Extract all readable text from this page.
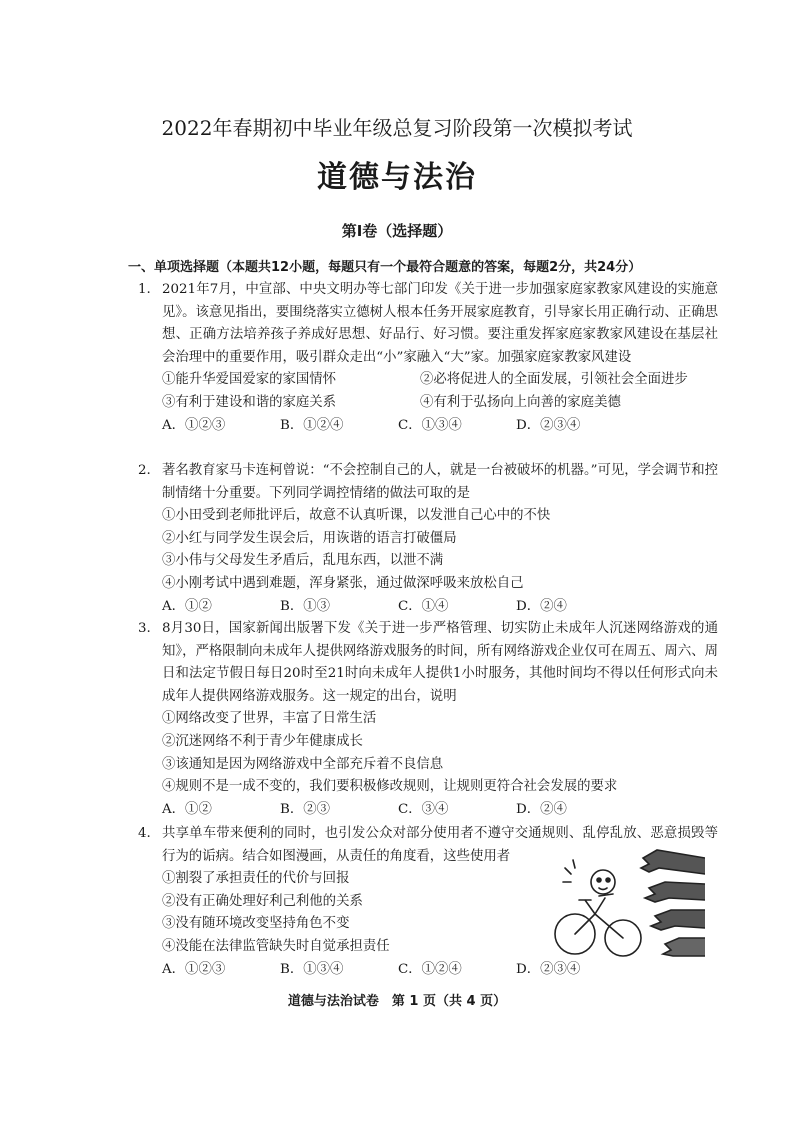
2022年春期初中毕业年级总复习阶段第一次模拟考试
道德与法治
第Ⅰ卷（选择题）
一、单项选择题（本题共12小题，每题只有一个最符合题意的答案，每题2分，共24分）
1. 2021年7月，中宣部、中央文明办等七部门印发《关于进一步加强家庭家教家风建设的实施意见》。该意见指出，要围绕落实立德树人根本任务开展家庭教育，引导家长用正确行动、正确思想、正确方法培养孩子养成好思想、好品行、好习惯。要注重发挥家庭家教家风建设在基层社会治理中的重要作用，吸引群众走出“小”家融入“大”家。加强家庭家教家风建设
①能升华爱国爱家的家国情怀	②必将促进人的全面发展，引领社会全面进步
③有利于建设和谐的家庭关系	④有利于弘扬向上向善的家庭美德
A．①②③	B．①②④	C．①③④	D．②③④
2. 著名教育家马卡连柯曾说：“不会控制自己的人，就是一台被破坏的机器。”可见，学会调节和控制情绪十分重要。下列同学调控情绪的做法可取的是
①小田受到老师批评后，故意不认真听课，以发泄自己心中的不快
②小红与同学发生误会后，用诙谐的语言打破僵局
③小伟与父母发生矛盾后，乱甩东西，以泄不满
④小刚考试中遇到难题，浑身紧张，通过做深呼吸来放松自己
A．①②	B．①③	C．①④	D．②④
3. 8月30日，国家新闻出版署下发《关于进一步严格管理、切实防止未成年人沉迷网络游戏的通知》，严格限制向未成年人提供网络游戏服务的时间，所有网络游戏企业仅可在周五、周六、周日和法定节假日每日20时至21时向未成年人提供1小时服务，其他时间均不得以任何形式向未成年人提供网络游戏服务。这一规定的出台，说明
①网络改变了世界，丰富了日常生活
②沉迷网络不利于青少年健康成长
③该通知是因为网络游戏中全部充斥着不良信息
④规则不是一成不变的，我们要积极修改规则，让规则更符合社会发展的要求
A．①②	B．②③	C．③④	D．②④
4. 共享单车带来便利的同时，也引发公众对部分使用者不遵守交通规则、乱停乱放、恶意损毁等行为的诟病。结合如图漫画，从责任的角度看，这些使用者
①割裂了承担责任的代价与回报
②没有正确处理好利己利他的关系
③没有随环境改变坚持角色不变
④没能在法律监管缺失时自觉承担责任
A．①②③	B．①③④	C．①②④	D．②③④
道德与法治试卷　第 1 页（共 4 页）
